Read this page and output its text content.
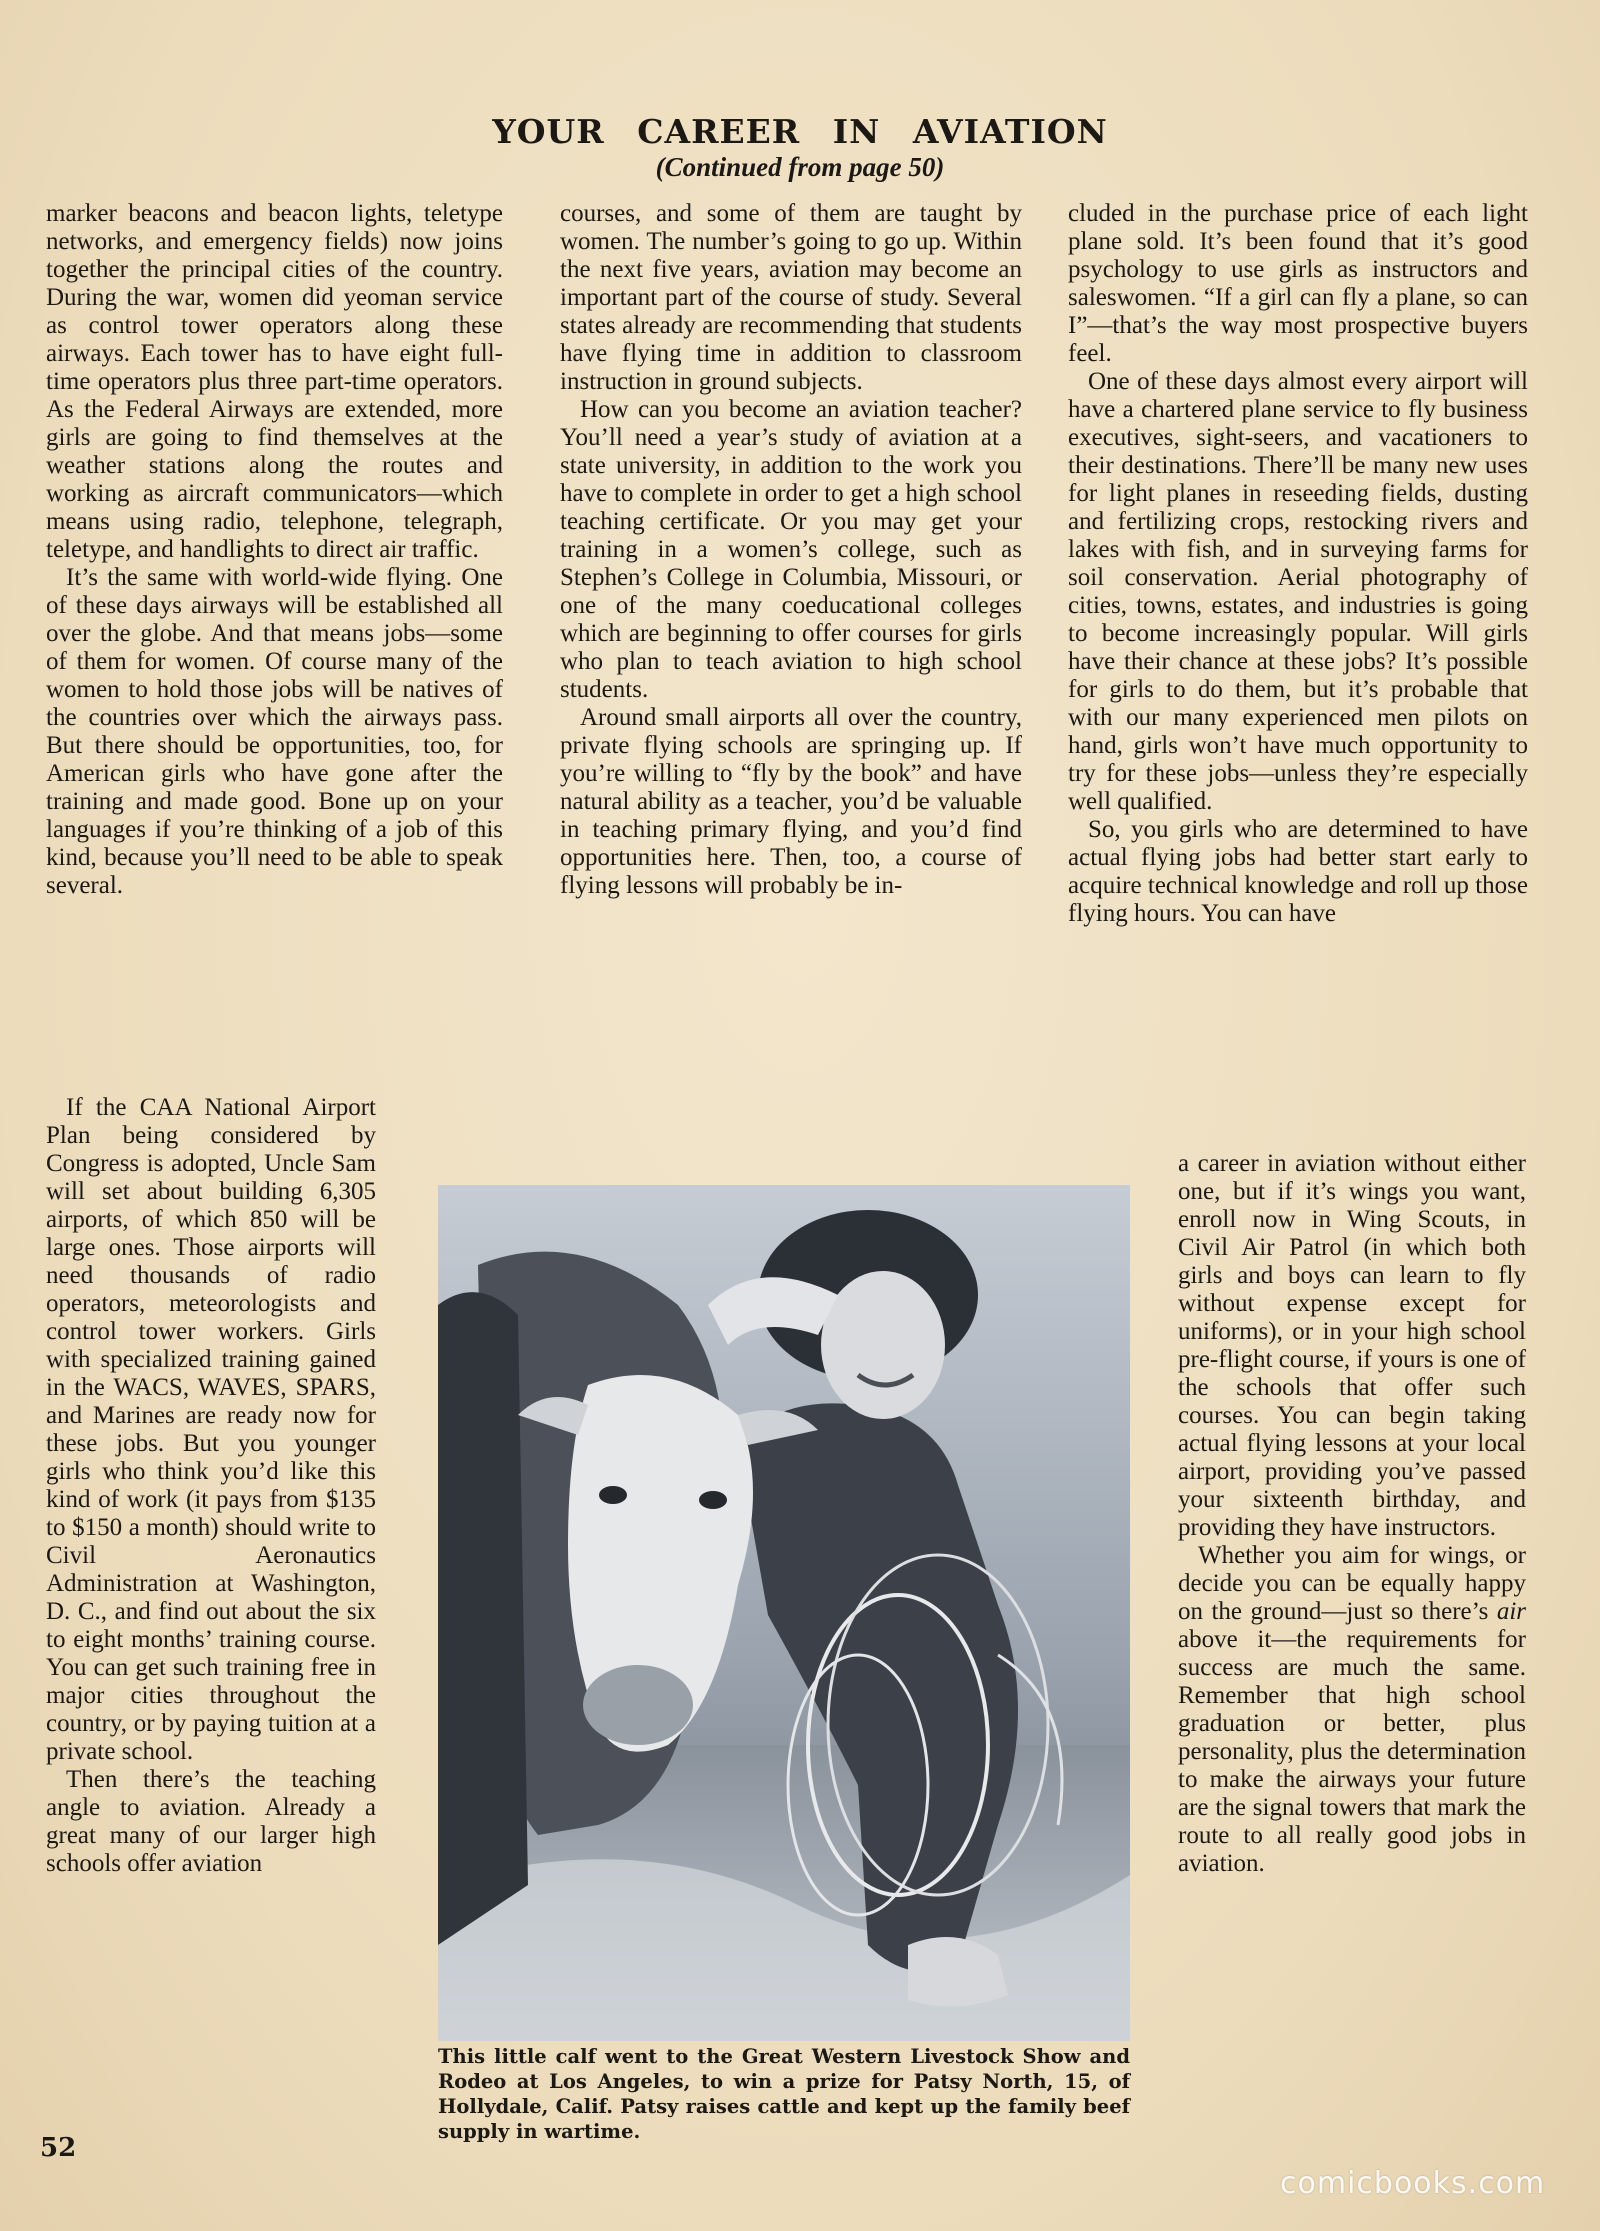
YOUR CAREER IN AVIATION

(Continued from page 50)

marker beacons and beacon lights, teletype networks, and emergency fields) now joins together the principal cities of the country. During the war, women did yeoman service as control tower operators along these airways. Each tower has to have eight full-time operators plus three part-time operators. As the Federal Airways are extended, more girls are going to find themselves at the weather stations along the routes and working as aircraft communicators—which means using radio, telephone, telegraph, teletype, and handlights to direct air traffic.

It’s the same with world-wide flying. One of these days airways will be established all over the globe. And that means jobs—some of them for women. Of course many of the women to hold those jobs will be natives of the countries over which the airways pass. But there should be opportunities, too, for American girls who have gone after the training and made good. Bone up on your languages if you’re thinking of a job of this kind, because you’ll need to be able to speak several.

If the CAA National Airport Plan being considered by Congress is adopted, Uncle Sam will set about building 6,305 airports, of which 850 will be large ones. Those airports will need thousands of radio operators, meteorologists and control tower workers. Girls with specialized training gained in the WACS, WAVES, SPARS, and Marines are ready now for these jobs. But you younger girls who think you’d like this kind of work (it pays from $135 to $150 a month) should write to Civil Aeronautics Administration at Washington, D. C., and find out about the six to eight months’ training course. You can get such training free in major cities throughout the country, or by paying tuition at a private school.

Then there’s the teaching angle to aviation. Already a great many of our larger high schools offer aviation

courses, and some of them are taught by women. The number’s going to go up. Within the next five years, aviation may become an important part of the course of study. Several states already are recommending that students have flying time in addition to classroom instruction in ground subjects.

How can you become an aviation teacher? You’ll need a year’s study of aviation at a state university, in addition to the work you have to complete in order to get a high school teaching certificate. Or you may get your training in a women’s college, such as Stephen’s College in Columbia, Missouri, or one of the many coeducational colleges which are beginning to offer courses for girls who plan to teach aviation to high school students.

Around small airports all over the country, private flying schools are springing up. If you’re willing to “fly by the book” and have natural ability as a teacher, you’d be valuable in teaching primary flying, and you’d find opportunities here. Then, too, a course of flying lessons will probably be in-

cluded in the purchase price of each light plane sold. It’s been found that it’s good psychology to use girls as instructors and saleswomen. “If a girl can fly a plane, so can I”—that’s the way most prospective buyers feel.

One of these days almost every airport will have a chartered plane service to fly business executives, sight-seers, and vacationers to their destinations. There’ll be many new uses for light planes in reseeding fields, dusting and fertilizing crops, restocking rivers and lakes with fish, and in surveying farms for soil conservation. Aerial photography of cities, towns, estates, and industries is going to become increasingly popular. Will girls have their chance at these jobs? It’s possible for girls to do them, but it’s probable that with our many experienced men pilots on hand, girls won’t have much opportunity to try for these jobs—unless they’re especially well qualified.

So, you girls who are determined to have actual flying jobs had better start early to acquire technical knowledge and roll up those flying hours. You can have

a career in aviation without either one, but if it’s wings you want, enroll now in Wing Scouts, in Civil Air Patrol (in which both girls and boys can learn to fly without expense except for uniforms), or in your high school pre-flight course, if yours is one of the schools that offer such courses. You can begin taking actual flying lessons at your local airport, providing you’ve passed your sixteenth birthday, and providing they have instructors.

Whether you aim for wings, or decide you can be equally happy on the ground—just so there’s air above it—the requirements for success are much the same. Remember that high school graduation or better, plus personality, plus the determination to make the airways your future are the signal towers that mark the route to all really good jobs in aviation.

This little calf went to the Great Western Livestock Show and Rodeo at Los Angeles, to win a prize for Patsy North, 15, of Hollydale, Calif. Patsy raises cattle and kept up the family beef supply in wartime.

52

comicbooks.com
